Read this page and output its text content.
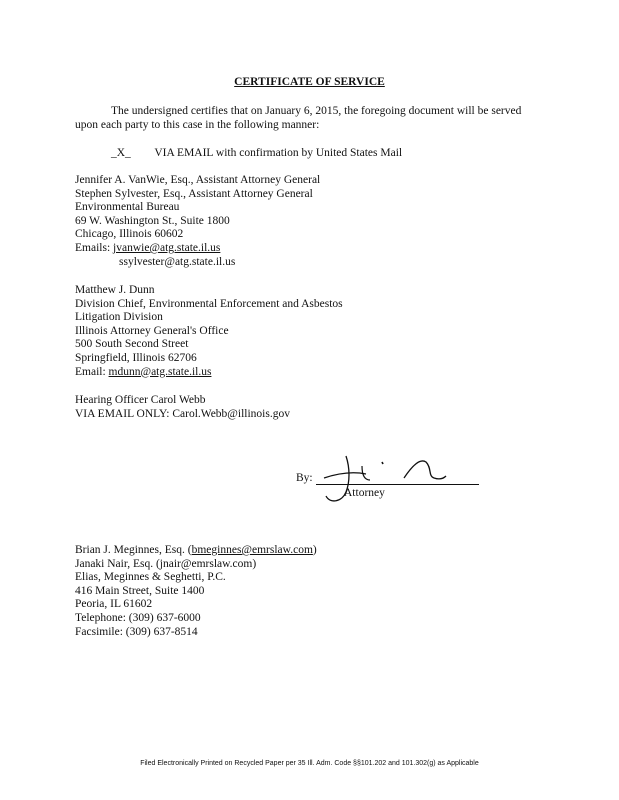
CERTIFICATE OF SERVICE
The undersigned certifies that on January 6, 2015, the foregoing document will be served
upon each party to this case in the following manner:
_X_ VIA EMAIL with confirmation by United States Mail
Jennifer A. VanWie, Esq., Assistant Attorney General
Stephen Sylvester, Esq., Assistant Attorney General
Environmental Bureau
69 W. Washington St., Suite 1800
Chicago, Illinois 60602
Emails: jvanwie@atg.state.il.us
ssylvester@atg.state.il.us
Matthew J. Dunn
Division Chief, Environmental Enforcement and Asbestos
Litigation Division
Illinois Attorney General's Office
500 South Second Street
Springfield, Illinois 62706
Email: mdunn@atg.state.il.us
Hearing Officer Carol Webb
VIA EMAIL ONLY: Carol.Webb@illinois.gov
By:
Attorney
Brian J. Meginnes, Esq. (bmeginnes@emrslaw.com)
Janaki Nair, Esq. (jnair@emrslaw.com)
Elias, Meginnes & Seghetti, P.C.
416 Main Street, Suite 1400
Peoria, IL 61602
Telephone: (309) 637-6000
Facsimile: (309) 637-8514
Filed Electronically Printed on Recycled Paper per 35 Ill. Adm. Code §§101.202 and 101.302(g) as Applicable
